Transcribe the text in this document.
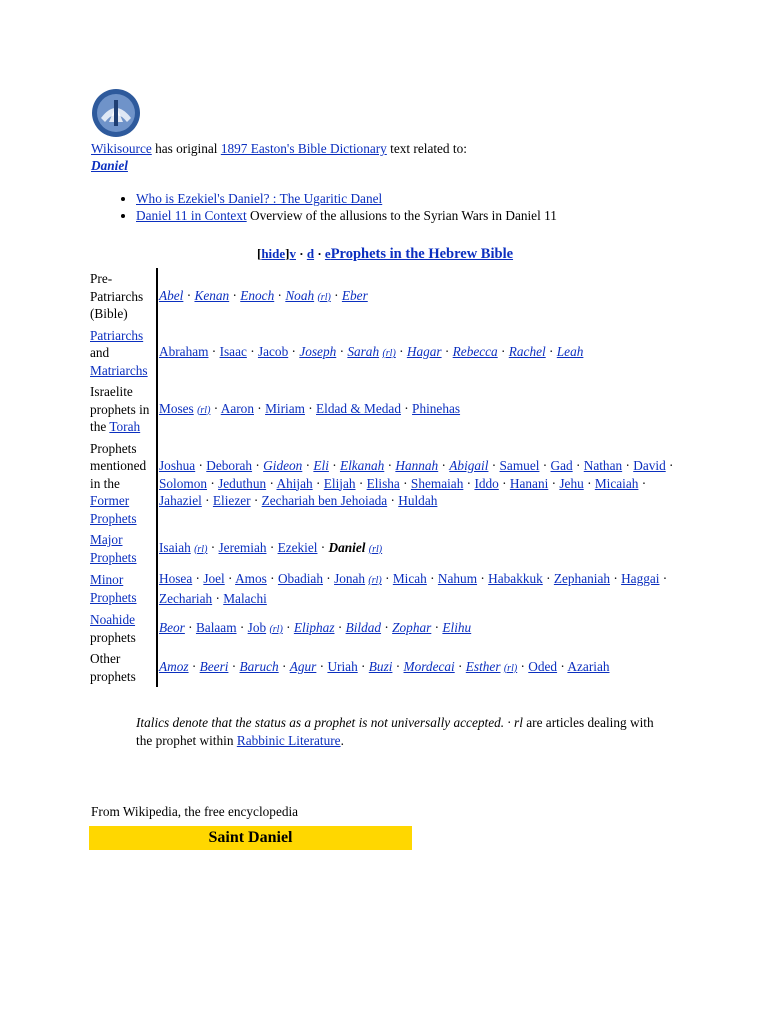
Wikisource has original 1897 Easton's Bible Dictionary text related to:
Daniel
• Who is Ezekiel's Daniel? : The Ugaritic Danel
• Daniel 11 in Context Overview of the allusions to the Syrian Wars in Daniel 11
[hide]v · d · eProphets in the Hebrew Bible
Pre-Patriarchs (Bible)	Abel · Kenan · Enoch · Noah (rl) · Eber
Patriarchs
and
Matriarchs	Abraham · Isaac · Jacob · Joseph · Sarah (rl) · Hagar · Rebecca · Rachel · Leah
Israelite prophets in the Torah	Moses (rl) · Aaron · Miriam · Eldad & Medad · Phinehas
Prophets mentioned in the Former Prophets	Joshua · Deborah · Gideon · Eli · Elkanah · Hannah · Abigail · Samuel · Gad · Nathan · David · Solomon · Jeduthun · Ahijah · Elijah · Elisha · Shemaiah · Iddo · Hanani · Jehu · Micaiah · Jahaziel · Eliezer · Zechariah ben Jehoiada · Huldah
Major Prophets	Isaiah (rl) · Jeremiah · Ezekiel · Daniel (rl)
Minor Prophets	Hosea · Joel · Amos · Obadiah · Jonah (rl) · Micah · Nahum · Habakkuk · Zephaniah · Haggai · Zechariah · Malachi
Noahide prophets	Beor · Balaam · Job (rl) · Eliphaz · Bildad · Zophar · Elihu
Other prophets	Amoz · Beeri · Baruch · Agur · Uriah · Buzi · Mordecai · Esther (rl) · Oded · Azariah
Italics denote that the status as a prophet is not universally accepted. · rl are articles dealing with the prophet within Rabbinic Literature.
From Wikipedia, the free encyclopedia
Saint Daniel
